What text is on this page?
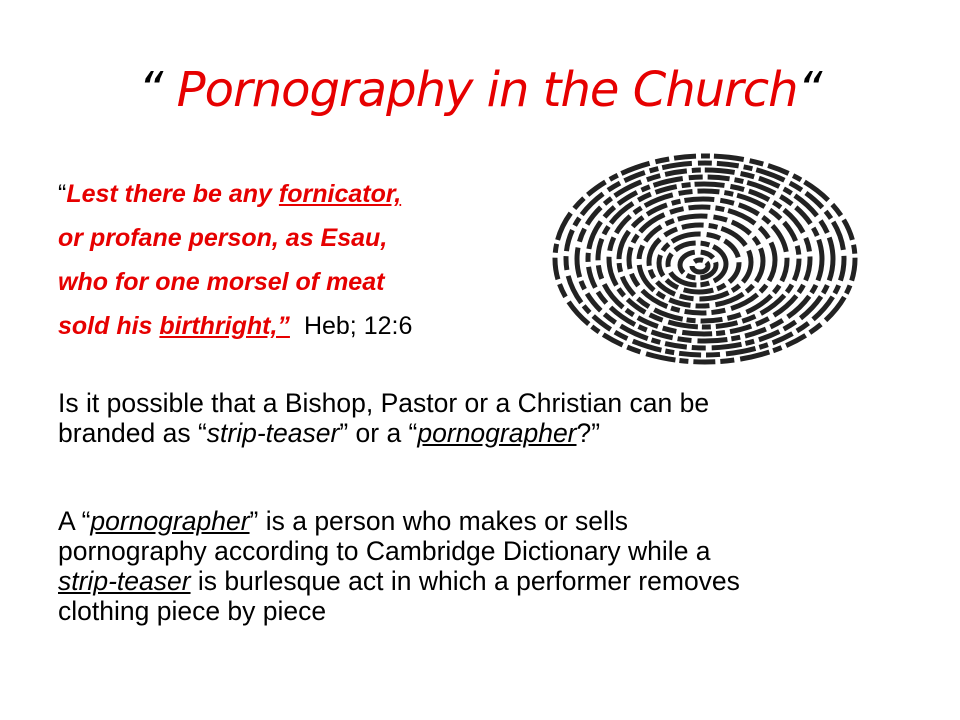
“ Pornography in the Church“
“Lest there be any fornicator,
or profane person, as Esau,
who for one morsel of meat
sold his birthright,” Heb; 12:6
Is it possible that a Bishop, Pastor or a Christian can be
branded as “strip-teaser” or a “pornographer?”
A “pornographer” is a person who makes or sells
pornography according to Cambridge Dictionary while a
strip-teaser is burlesque act in which a performer removes
clothing piece by piece
